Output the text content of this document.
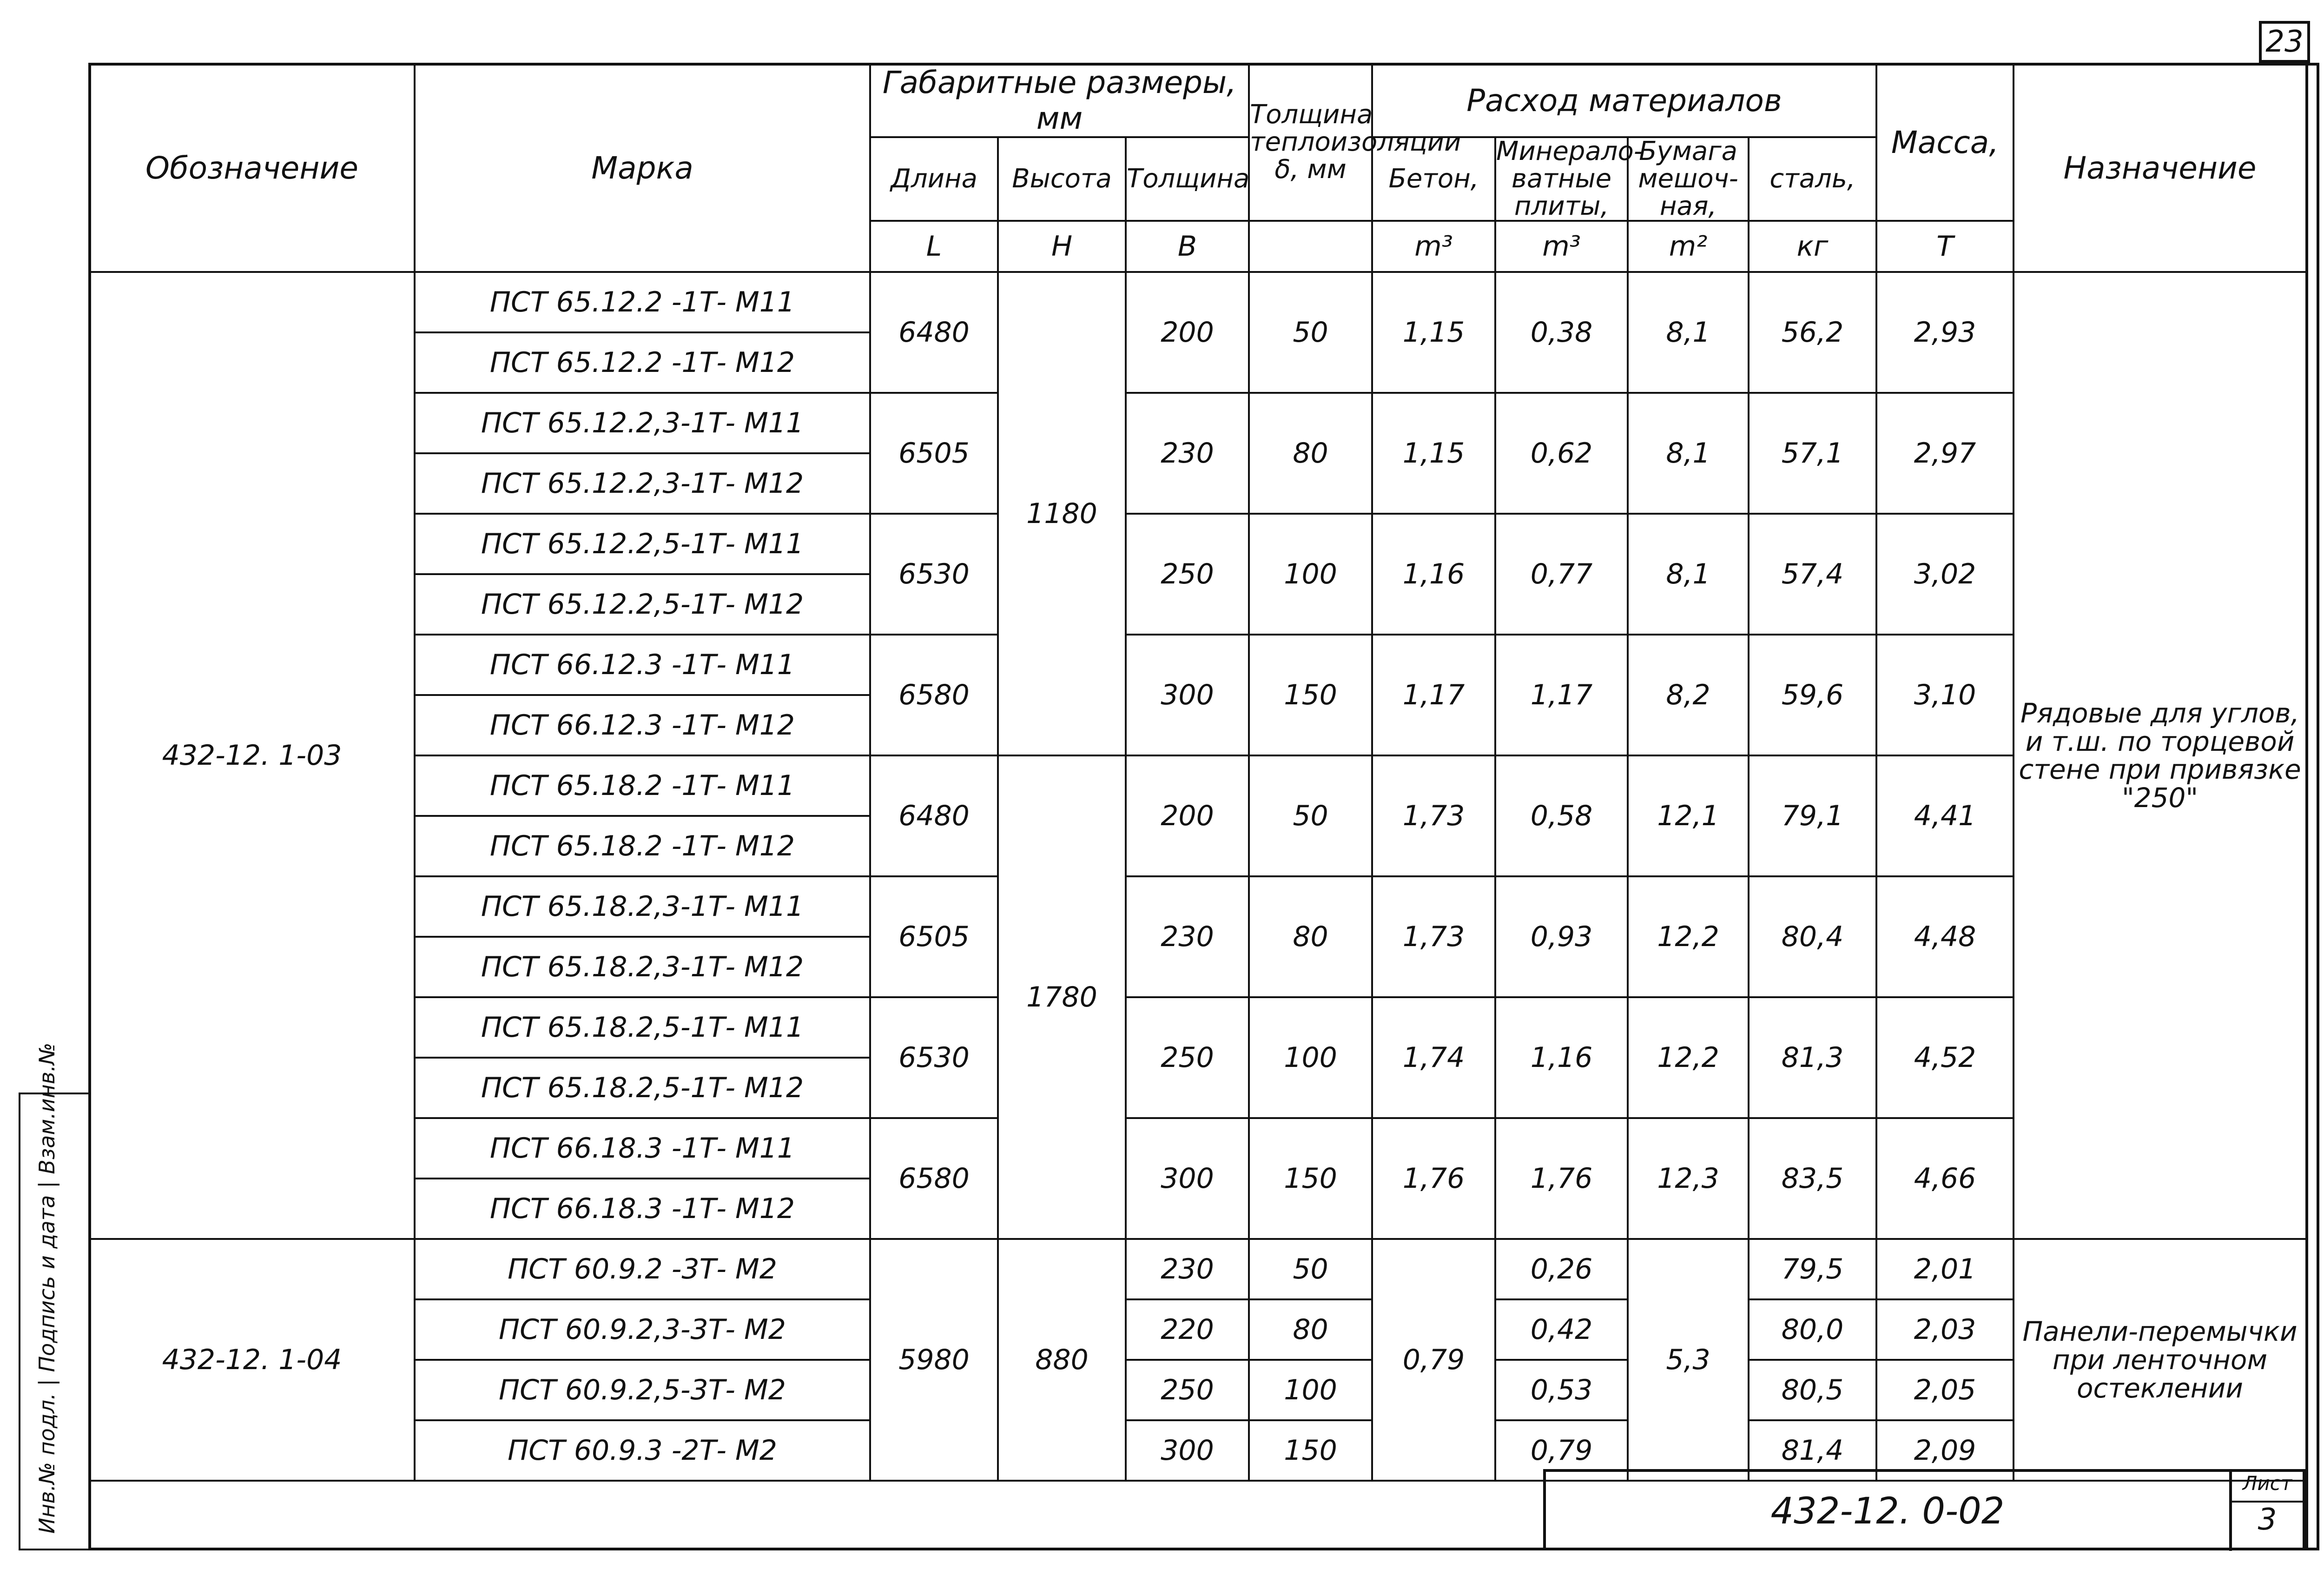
23
Обозначение	Марка	Габаритные размеры, мм			Толщина теплоизоляции δ, мм	Расход материалов				Масса,	Назначение
		Длина	Высота	Толщина		Бетон,	Минерало-ватные плиты,	Бумага мешоч-ная,	сталь,		
		L	H	B		m³	m³	m²	кг	Т	
432-12. 1-03	ПСТ 65.12.2 -1Т- М11	6480	1180	200	50	1,15	0,38	8,1	56,2	2,93	Рядовые для углов, и т.ш. по торцевой стене при привязке "250"
	ПСТ 65.12.2 -1Т- М12										
	ПСТ 65.12.2,3-1Т- М11	6505		230	80	1,15	0,62	8,1	57,1	2,97	
	ПСТ 65.12.2,3-1Т- М12										
	ПСТ 65.12.2,5-1Т- М11	6530		250	100	1,16	0,77	8,1	57,4	3,02	
	ПСТ 65.12.2,5-1Т- М12										
	ПСТ 66.12.3 -1Т- М11	6580		300	150	1,17	1,17	8,2	59,6	3,10	
	ПСТ 66.12.3 -1Т- М12										
	ПСТ 65.18.2 -1Т- М11	6480	1780	200	50	1,73	0,58	12,1	79,1	4,41	
	ПСТ 65.18.2 -1Т- М12										
	ПСТ 65.18.2,3-1Т- М11	6505		230	80	1,73	0,93	12,2	80,4	4,48	
	ПСТ 65.18.2,3-1Т- М12										
	ПСТ 65.18.2,5-1Т- М11	6530		250	100	1,74	1,16	12,2	81,3	4,52	
	ПСТ 65.18.2,5-1Т- М12										
	ПСТ 66.18.3 -1Т- М11	6580		300	150	1,76	1,76	12,3	83,5	4,66	
	ПСТ 66.18.3 -1Т- М12										
432-12. 1-04	ПСТ 60.9.2 -3Т- М2	5980	880	230	50	0,79	0,26	5,3	79,5	2,01	Панели-перемычки при ленточном остеклении
	ПСТ 60.9.2,3-3Т- М2			220	80		0,42		80,0	2,03	
	ПСТ 60.9.2,5-3Т- М2			250	100		0,53		80,5	2,05	
	ПСТ 60.9.3 -2Т- М2			300	150		0,79		81,4	2,09	
Инв.№ подл. | Подпись и дата | Взам.инв.№	432-12. 0-02
Лист
3
